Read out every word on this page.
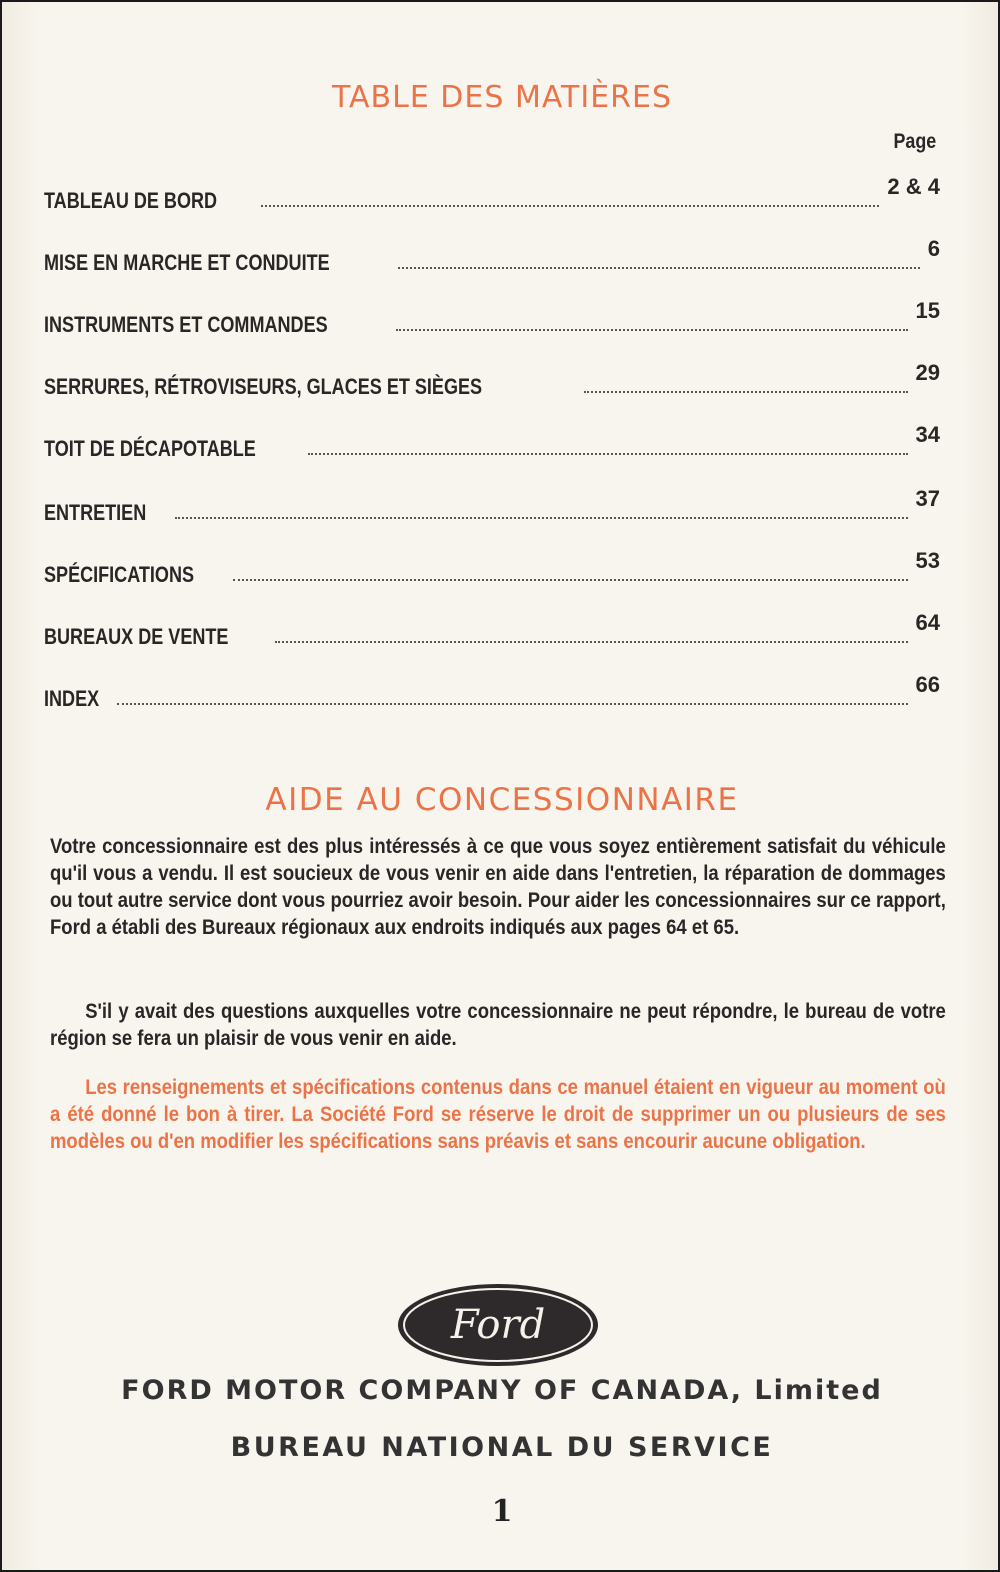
TABLE DES MATIÈRES
Page
TABLEAU DE BORD
2 & 4
MISE EN MARCHE ET CONDUITE
6
INSTRUMENTS ET COMMANDES
15
SERRURES, RÉTROVISEURS, GLACES ET SIÈGES
29
TOIT DE DÉCAPOTABLE
34
ENTRETIEN
37
SPÉCIFICATIONS
53
BUREAUX DE VENTE
64
INDEX
66
AIDE AU CONCESSIONNAIRE
Votre concessionnaire est des plus intéressés à ce que vous soyez entièrement satisfait du véhicule qu'il vous a vendu. Il est soucieux de vous venir en aide dans l'entretien, la réparation de dommages ou tout autre service dont vous pourriez avoir besoin. Pour aider les concessionnaires sur ce rapport, Ford a établi des Bureaux régionaux aux endroits indiqués aux pages 64 et 65.
S'il y avait des questions auxquelles votre concessionnaire ne peut répondre, le bureau de votre région se fera un plaisir de vous venir en aide.
Les renseignements et spécifications contenus dans ce manuel étaient en vigueur au moment où a été donné le bon à tirer. La Société Ford se réserve le droit de supprimer un ou plusieurs de ses modèles ou d'en modifier les spécifications sans préavis et sans encourir aucune obligation.
Ford
FORD MOTOR COMPANY OF CANADA, Limited
BUREAU NATIONAL DU SERVICE
1
